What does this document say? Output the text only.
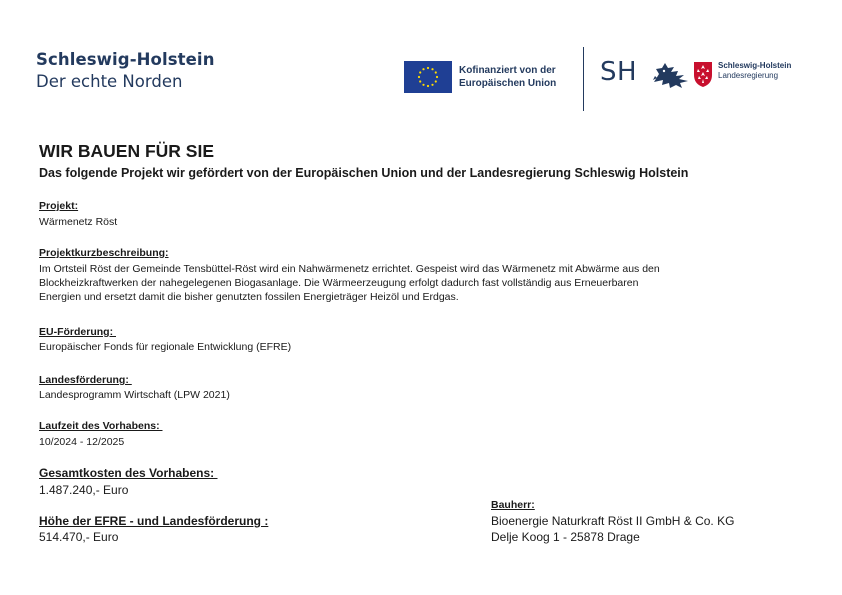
Schleswig-Holstein
Der echte Norden
Kofinanziert von der
Europäischen Union SH	Schleswig-Holstein
Landesregierung
WIR BAUEN FÜR SIE
Das folgende Projekt wir gefördert von der Europäischen Union und der Landesregierung Schleswig Holstein
Projekt:
Wärmenetz Röst
Projektkurzbeschreibung:
Im Ortsteil Röst der Gemeinde Tensbüttel-Röst wird ein Nahwärmenetz errichtet. Gespeist wird das Wärmenetz mit Abwärme aus den
Blockheizkraftwerken der nahegelegenen Biogasanlage. Die Wärmeerzeugung erfolgt dadurch fast vollständig aus Erneuerbaren
Energien und ersetzt damit die bisher genutzten fossilen Energieträger Heizöl und Erdgas.
EU-Förderung:
Europäischer Fonds für regionale Entwicklung (EFRE)
Landesförderung:
Landesprogramm Wirtschaft (LPW 2021)
Laufzeit des Vorhabens:
10/2024 - 12/2025
Gesamtkosten des Vorhabens:
1.487.240,- Euro
Höhe der EFRE - und Landesförderung :
514.470,- Euro
Bauherr:
Bioenergie Naturkraft Röst II GmbH & Co. KG
Delje Koog 1 - 25878 Drage
